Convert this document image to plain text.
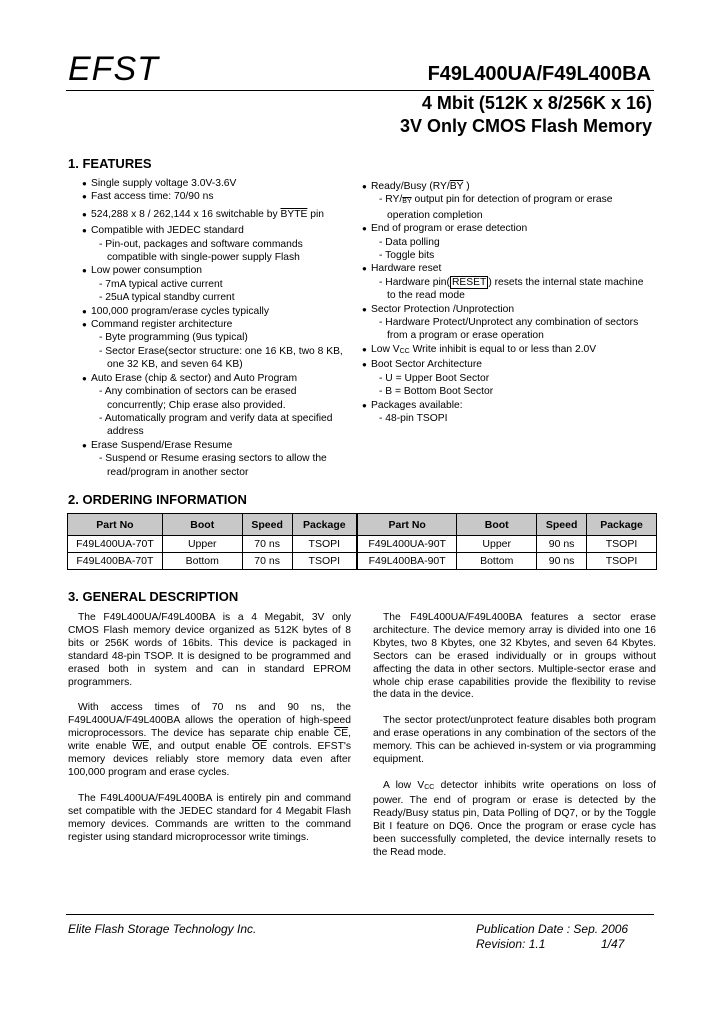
EFST	F49L400UA/F49L400BA
4 Mbit (512K x 8/256K x 16)
3V Only CMOS Flash Memory
1. FEATURES
● Single supply voltage 3.0V-3.6V
● Fast access time: 70/90 ns
● 524,288 x 8 / 262,144 x 16 switchable by BYTE pin
● Compatible with JEDEC standard
- Pin-out, packages and software commands
compatible with single-power supply Flash
● Low power consumption
- 7mA typical active current
- 25uA typical standby current
● 100,000 program/erase cycles typically
● Command register architecture
- Byte programming (9us typical)
- Sector Erase(sector structure: one 16 KB, two 8 KB,
one 32 KB, and seven 64 KB)
● Auto Erase (chip & sector) and Auto Program
- Any combination of sectors can be erased
concurrently; Chip erase also provided.
- Automatically program and verify data at specified
address
● Erase Suspend/Erase Resume
- Suspend or Resume erasing sectors to allow the
read/program in another sector
● Ready/Busy ($RY/\overline{BY}$ )
- $RY/\overline{BY}$ output pin for detection of program or erase
operation completion
● End of program or erase detection
- Data polling
- Toggle bits
● Hardware reset
- Hardware pin( RESET ) resets the internal state machine
to the read mode
● Sector Protection /Unprotection
- Hardware Protect/Unprotect any combination of sectors
from a program or erase operation
● Low VCC Write inhibit is equal to or less than 2.0V
● Boot Sector Architecture
- U = Upper Boot Sector
- B = Bottom Boot Sector
● Packages available:
- 48-pin TSOPI
2. ORDERING INFORMATION
Part No	Boot	Speed	Package	Part No	Boot	Speed	Package
F49L400UA-70T	Upper	70 ns	TSOPI	F49L400UA-90T	Upper	90 ns	TSOPI
F49L400BA-70T	Bottom	70 ns	TSOPI	F49L400BA-90T	Bottom	90 ns	TSOPI
3. GENERAL DESCRIPTION

The F49L400UA/F49L400BA is a 4 Megabit, 3V only CMOS Flash memory device organized as 512K bytes of 8 bits or 256K words of 16bits. This device is packaged in standard 48-pin TSOP. It is designed to be programmed and erased both in system and can in standard EPROM programmers.

With access times of 70 ns and 90 ns, the F49L400UA/F49L400BA allows the operation of high-speed microprocessors. The device has separate chip enable $\overline{CE}$, write enable $\overline{WE}$, and output enable $\overline{OE}$ controls. EFST's memory devices reliably store memory data even after 100,000 program and erase cycles.

The F49L400UA/F49L400BA is entirely pin and command set compatible with the JEDEC standard for 4 Megabit Flash memory devices. Commands are written to the command register using standard microprocessor write timings.

The F49L400UA/F49L400BA features a sector erase architecture. The device memory array is divided into one 16 Kbytes, two 8 Kbytes, one 32 Kbytes, and seven 64 Kbytes. Sectors can be erased individually or in groups without affecting the data in other sectors. Multiple-sector erase and whole chip erase capabilities provide the flexibility to revise the data in the device.

The sector protect/unprotect feature disables both program and erase operations in any combination of the sectors of the memory. This can be achieved in-system or via programming equipment.

A low VCC detector inhibits write operations on loss of power. The end of program or erase is detected by the Ready/Busy status pin, Data Polling of DQ7, or by the Toggle Bit I feature on DQ6. Once the program or erase cycle has been successfully completed, the device internally resets to the Read mode.

Elite Flash Storage Technology Inc.	Publication Date : Sep. 2006
Revision: 1.1	1/47
